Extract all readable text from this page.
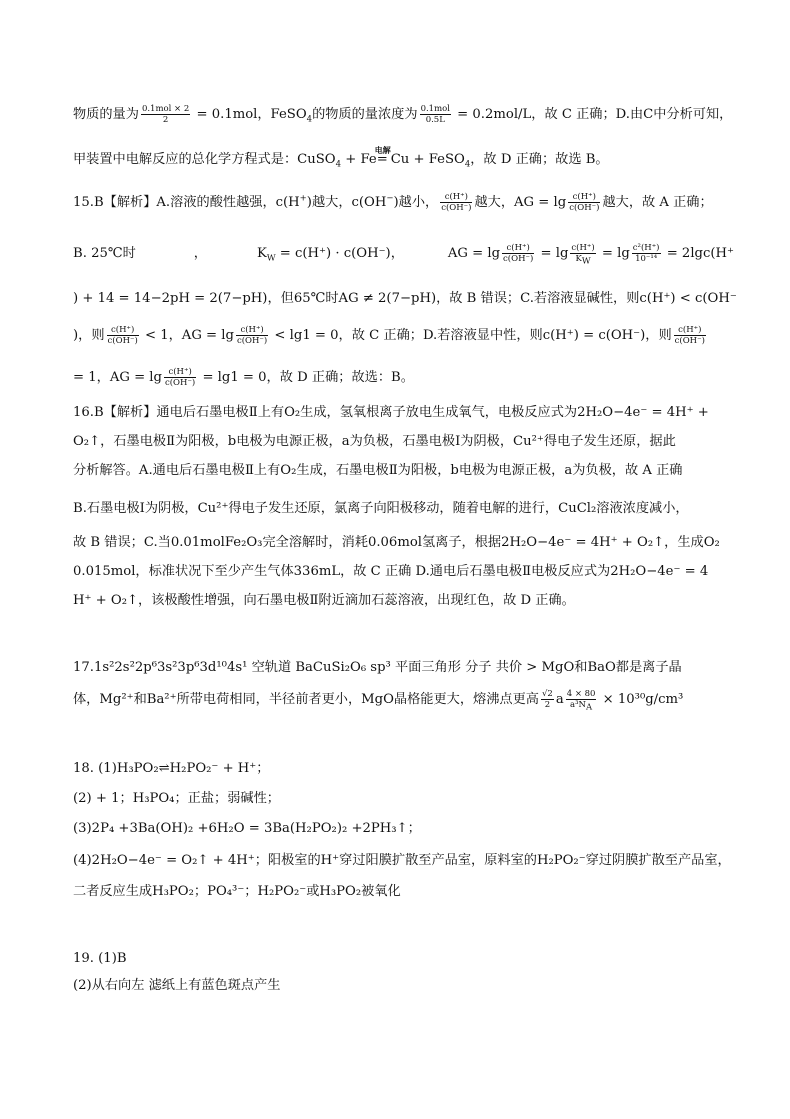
物质的量为 $\frac{\text{0.1mol × 2}}{2} = 0.1mol$，FeSO$_4$的物质的量浓度为 $\frac{\text{0.1mol}}{0.5L} = 0.2mol/L$，故 C 正确；D.由C中分析可知，
甲装置中电解反应的总化学方程式是：CuSO$_4$ + Fe
电解
= Cu + FeSO$_4$，故 D 正确；故选 B。
15.B【解析】A.溶液的酸性越强，c(H+)越大，c(OH−)越小， $\frac{c(H^+)}{c(OH^-)}$ 越大，AG = $\lg \frac{c(H^+)}{c(OH^-)}$ 越大，故 A 正确；
B. 25℃时	，	$K_W = c(H^+) \cdot c(OH^-)$，	AG = $\lg \frac{c(H^+)}{c(OH^-)} = \lg \frac{c(H^+)}{K_W} = \lg \frac{\text{c²(H⁺)}}{\text{10⁻¹⁴}} = 2\lg c(H^+$
) + 14 = 14−2pH = 2(7−pH)，但65℃时AG ≠ 2(7−pH)，故 B 错误；C.若溶液显碱性，则c(H⁺) < c(OH⁻
)，则 $\frac{c(H^+)}{c(OH^-)} < 1$，AG = $\lg \frac{c(H^+)}{c(OH^-)} < \lg 1 = 0$，故 C 正确；D.若溶液显中性，则c(H⁺) = c(OH⁻)，则 $\frac{c(H^+)}{c(OH^-)}$
= 1，AG = $\lg \frac{c(H^+)}{c(OH^-)} = \lg 1 = 0$，故 D 正确；故选：B。
16.B【解析】通电后石墨电极Ⅱ上有O₂生成，氢氧根离子放电生成氧气，电极反应式为2H₂O−4e⁻ = 4H⁺ +
O₂↑，石墨电极Ⅱ为阳极，b电极为电源正极，a为负极，石墨电极Ⅰ为阴极，Cu²⁺得电子发生还原，据此
分析解答。A.通电后石墨电极Ⅱ上有O₂生成，石墨电极Ⅱ为阳极，b电极为电源正极，a为负极，故 A 正确
B.石墨电极Ⅰ为阴极，Cu²⁺得电子发生还原，氯离子向阳极移动，随着电解的进行，CuCl₂溶液浓度减小，
故 B 错误；C.当0.01molFe₂O₃完全溶解时，消耗0.06mol氢离子，根据2H₂O−4e⁻ = 4H⁺ + O₂↑，生成O₂
0.015mol，标准状况下至少产生气体336mL，故 C 正确 D.通电后石墨电极Ⅱ电极反应式为2H₂O−4e⁻ = 4
H⁺ + O₂↑，该极酸性增强，向石墨电极Ⅱ附近滴加石蕊溶液，出现红色，故 D 正确。
17.1s²2s²2p⁶3s²3p⁶3d¹⁰4s¹ 空轨道 BaCuSi₂O₆ sp³ 平面三角形 分子 共价 > MgO和BaO都是离子晶
体，Mg²⁺和Ba²⁺所带电荷相同，半径前者更小，MgO晶格能更大，熔沸点更高 $\frac{√2}{2}$ a $\frac{4 \times 80}{a^3N_A} \times 10^{30}g/cm^3$
18. (1)H₃PO₂⇌H₂PO₂⁻ + H⁺；
(2) + 1；H₃PO₄；正盐；弱碱性；
(3)2P₄ +3Ba(OH)₂ +6H₂O = 3Ba(H₂PO₂)₂ +2PH₃↑；
(4)2H₂O−4e⁻ = O₂↑ + 4H⁺；阳极室的H⁺穿过阳膜扩散至产品室，原料室的H₂PO₂⁻穿过阴膜扩散至产品室，
二者反应生成H₃PO₂；PO₄³⁻；H₂PO₂⁻或H₃PO₂被氧化
19. (1)B
(2)从右向左 滤纸上有蓝色斑点产生
